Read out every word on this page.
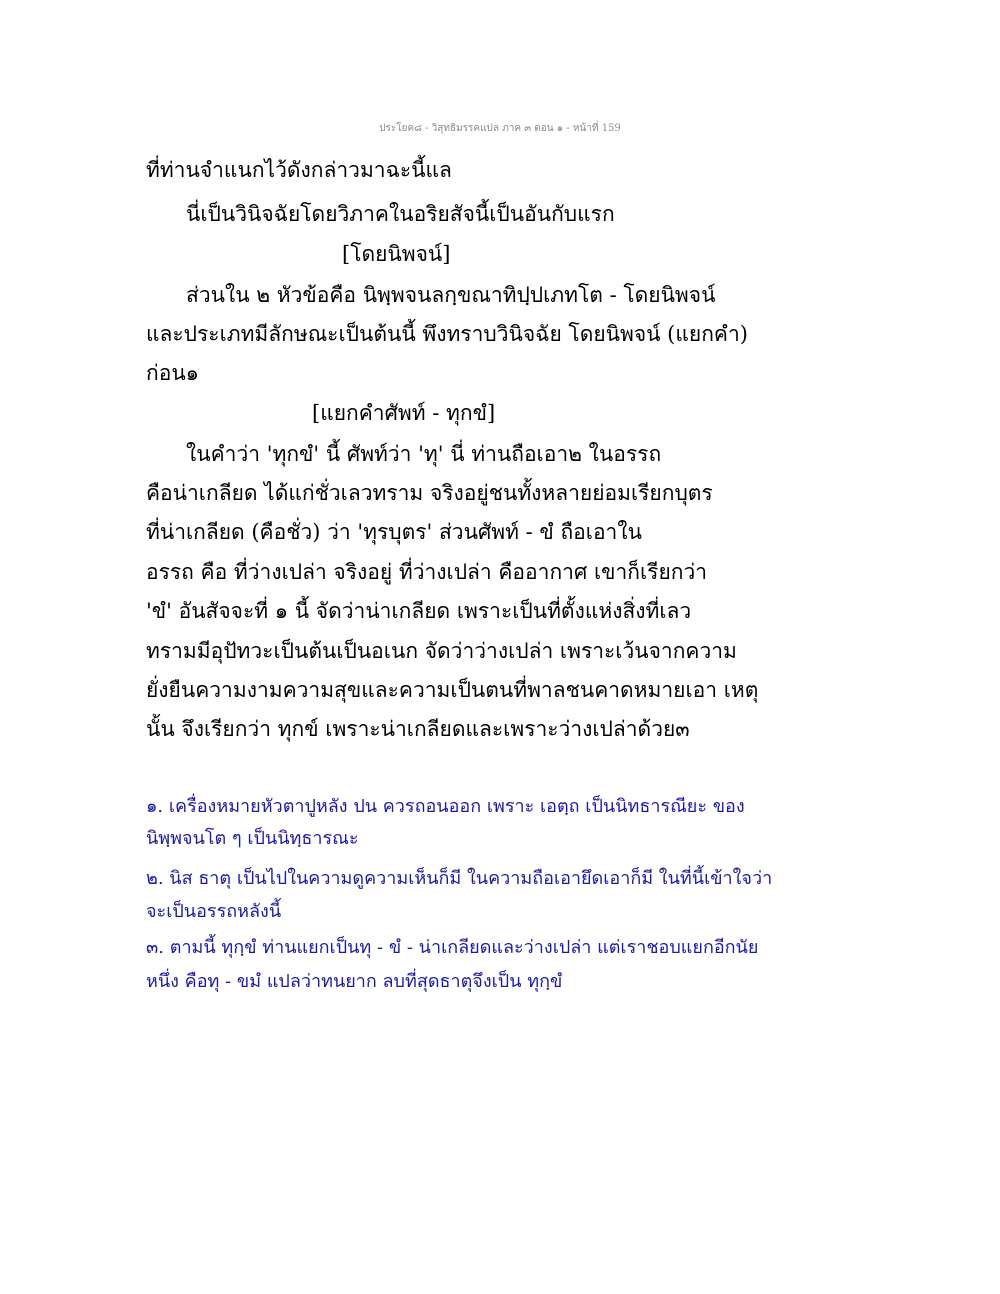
ประโยค๘ - วิสุทธิมรรคแปล ภาค ๓ ตอน ๑ - หน้าที่ 159
ที่ท่านจำแนกไว้ดังกล่าวมาฉะนี้แล
นี่เป็นวินิจฉัยโดยวิภาคในอริยสัจนี้เป็นอันกับแรก
[โดยนิพจน์]
ส่วนใน ๒ หัวข้อคือ นิพฺพจนลกฺขณาทิปฺปเภทโต - โดยนิพจน์
และประเภทมีลักษณะเป็นต้นนี้ พึงทราบวินิจฉัย โดยนิพจน์ (แยกคำ)
ก่อน๑
[แยกคำศัพท์ - ทุกขํ]
ในคำว่า 'ทุกขํ' นี้ ศัพท์ว่า 'ทุ' นี่ ท่านถือเอา๒ ในอรรถ
คือน่าเกลียด ได้แก่ชั่วเลวทราม จริงอยู่ชนทั้งหลายย่อมเรียกบุตร
ที่น่าเกลียด (คือชั่ว) ว่า 'ทุรบุตร' ส่วนศัพท์ - ขํ ถือเอาใน
อรรถ คือ ที่ว่างเปล่า จริงอยู่ ที่ว่างเปล่า คืออากาศ เขาก็เรียกว่า
'ขํ' อันสัจจะที่ ๑ นี้ จัดว่าน่าเกลียด เพราะเป็นที่ตั้งแห่งสิ่งที่เลว
ทรามมีอุปัทวะเป็นต้นเป็นอเนก จัดว่าว่างเปล่า เพราะเว้นจากความ
ยั่งยืนความงามความสุขและความเป็นตนที่พาลชนคาดหมายเอา เหตุ
นั้น จึงเรียกว่า ทุกข์ เพราะน่าเกลียดและเพราะว่างเปล่าด้วย๓
๑. เครื่องหมายหัวตาปูหลัง ปน ควรถอนออก เพราะ เอตฺถ เป็นนิทธารณียะ ของ
นิพฺพจนโต ๆ เป็นนิทฺธารณะ
๒. นิส ธาตุ เป็นไปในความดูความเห็นก็มี ในความถือเอายึดเอาก็มี ในที่นี้เข้าใจว่า
จะเป็นอรรถหลังนี้
๓. ตามนี้ ทุกฺขํ ท่านแยกเป็นทุ - ขํ - น่าเกลียดและว่างเปล่า แต่เราชอบแยกอีกนัย
หนึ่ง คือทุ - ขมํ แปลว่าทนยาก ลบที่สุดธาตุจึงเป็น ทุกฺขํ
